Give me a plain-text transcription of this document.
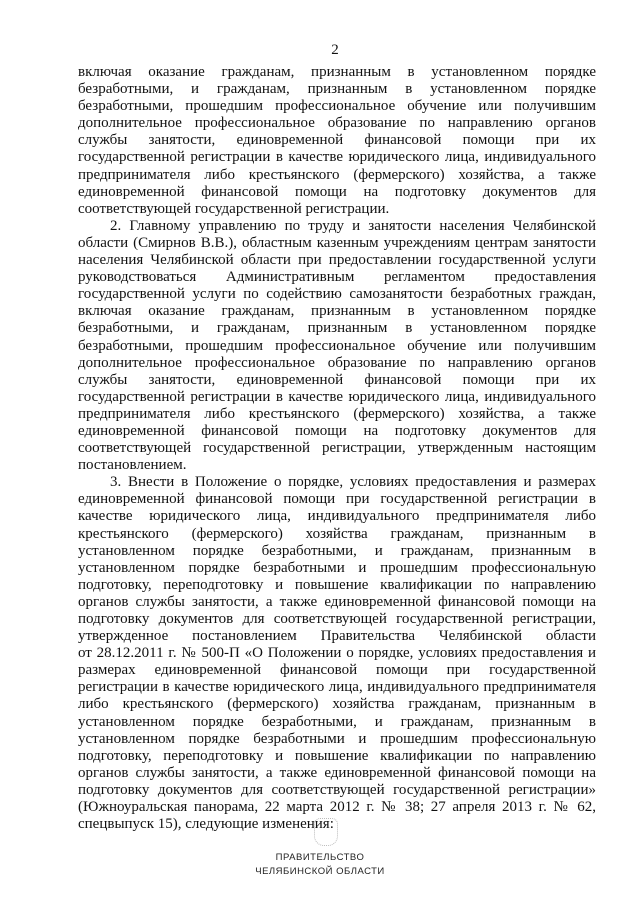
2
включая оказание гражданам, признанным в установленном порядке
безработными, и гражданам, признанным в установленном порядке
безработными, прошедшим профессиональное обучение или получившим
дополнительное профессиональное образование по направлению органов
службы занятости, единовременной финансовой помощи при их
государственной регистрации в качестве юридического лица, индивидуального
предпринимателя либо крестьянского (фермерского) хозяйства, а также
единовременной финансовой помощи на подготовку документов для
соответствующей государственной регистрации.
2. Главному управлению по труду и занятости населения Челябинской
области (Смирнов В.В.), областным казенным учреждениям центрам занятости
населения Челябинской области при предоставлении государственной услуги
руководствоваться Административным регламентом предоставления
государственной услуги по содействию самозанятости безработных граждан,
включая оказание гражданам, признанным в установленном порядке
безработными, и гражданам, признанным в установленном порядке
безработными, прошедшим профессиональное обучение или получившим
дополнительное профессиональное образование по направлению органов
службы занятости, единовременной финансовой помощи при их
государственной регистрации в качестве юридического лица, индивидуального
предпринимателя либо крестьянского (фермерского) хозяйства, а также
единовременной финансовой помощи на подготовку документов для
соответствующей государственной регистрации, утвержденным настоящим
постановлением.
3. Внести в Положение о порядке, условиях предоставления и размерах
единовременной финансовой помощи при государственной регистрации в
качестве юридического лица, индивидуального предпринимателя либо
крестьянского (фермерского) хозяйства гражданам, признанным в
установленном порядке безработными, и гражданам, признанным в
установленном порядке безработными и прошедшим профессиональную
подготовку, переподготовку и повышение квалификации по направлению
органов службы занятости, а также единовременной финансовой помощи на
подготовку документов для соответствующей государственной регистрации,
утвержденное постановлением Правительства Челябинской области
от 28.12.2011 г. № 500-П «О Положении о порядке, условиях предоставления и
размерах единовременной финансовой помощи при государственной
регистрации в качестве юридического лица, индивидуального предпринимателя
либо крестьянского (фермерского) хозяйства гражданам, признанным в
установленном порядке безработными, и гражданам, признанным в
установленном порядке безработными и прошедшим профессиональную
подготовку, переподготовку и повышение квалификации по направлению
органов службы занятости, а также единовременной финансовой помощи на
подготовку документов для соответствующей государственной регистрации»
(Южноуральская панорама, 22 марта 2012 г. № 38; 27 апреля 2013 г. № 62,
спецвыпуск 15), следующие изменения:
ПРАВИТЕЛЬСТВО
ЧЕЛЯБИНСКОЙ ОБЛАСТИ
